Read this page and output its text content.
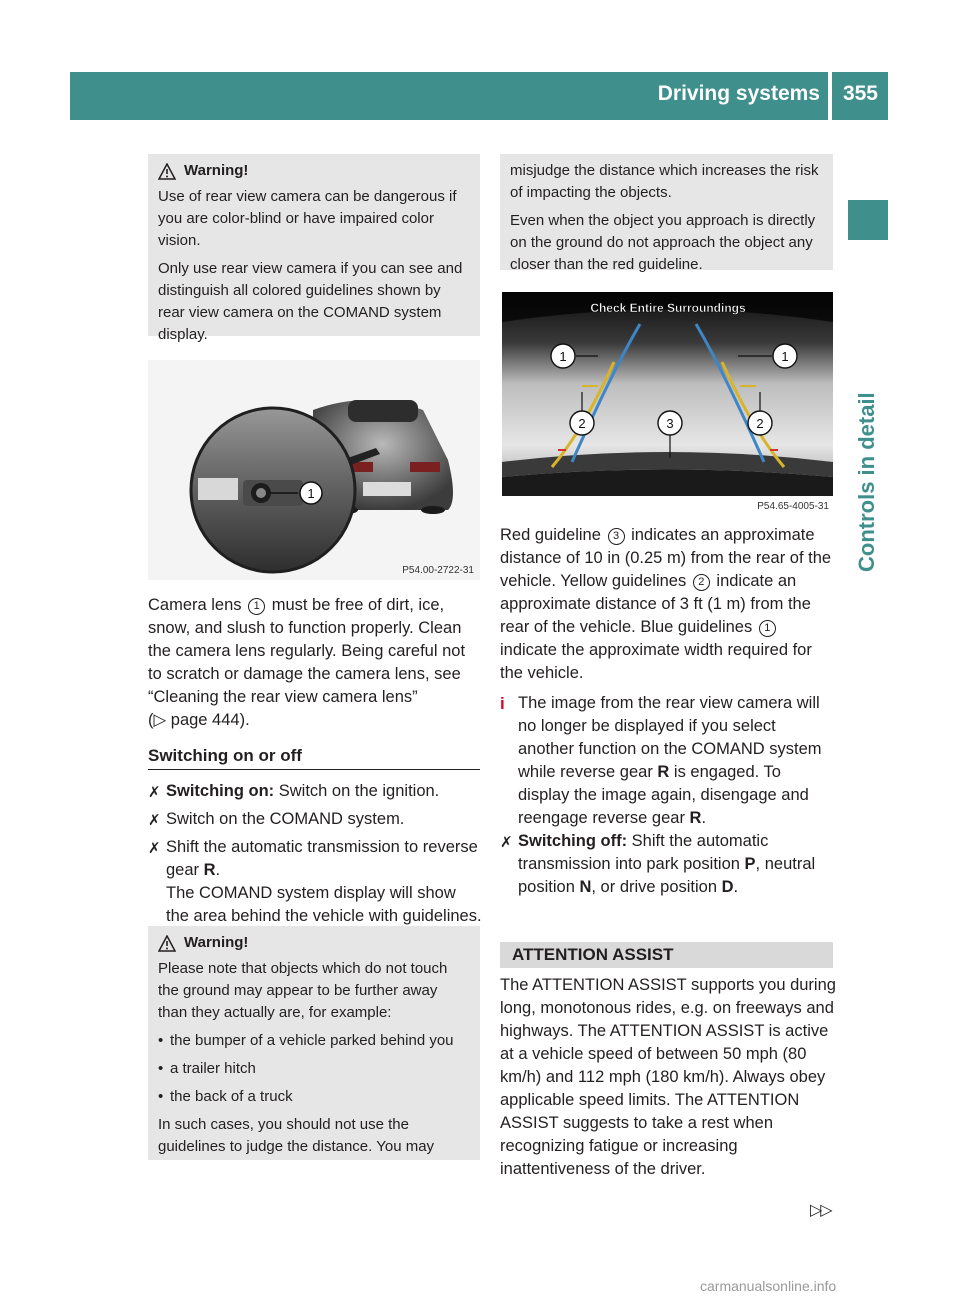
Driving systems 355
Controls in detail
Warning!

Use of rear view camera can be dangerous if you are color-blind or have impaired color vision.

Only use rear view camera if you can see and distinguish all colored guidelines shown by rear view camera on the COMAND system display.

1
P54.00-2722-31
Camera lens 1 must be free of dirt, ice, snow, and slush to function properly. Clean the camera lens regularly. Being careful not to scratch or damage the camera lens, see “Cleaning the rear view camera lens”
(▷ page 444).
Switching on or off
✗ Switching on: Switch on the ignition.
✗ Switch on the COMAND system.
✗ Shift the automatic transmission to reverse gear R.
The COMAND system display will show the area behind the vehicle with guidelines.
Warning!

Please note that objects which do not touch the ground may appear to be further away than they actually are, for example:

• the bumper of a vehicle parked behind you
• a trailer hitch
• the back of a truck

In such cases, you should not use the guidelines to judge the distance. You may

misjudge the distance which increases the risk of impacting the objects.

Even when the object you approach is directly on the ground do not approach the object any closer than the red guideline.

Check Entire Surroundings
1	1
2	3	2
P54.65-4005-31
Red guideline 3 indicates an approximate distance of 10 in (0.25 m) from the rear of the vehicle. Yellow guidelines 2 indicate an approximate distance of 3 ft (1 m) from the rear of the vehicle. Blue guidelines 1 indicate the approximate width required for the vehicle.
i The image from the rear view camera will no longer be displayed if you select another function on the COMAND system while reverse gear R is engaged. To display the image again, disengage and reengage reverse gear R.
✗ Switching off: Shift the automatic transmission into park position P, neutral position N, or drive position D.
ATTENTION ASSIST
The ATTENTION ASSIST supports you during long, monotonous rides, e.g. on freeways and highways. The ATTENTION ASSIST is active at a vehicle speed of between 50 mph (80 km/h) and 112 mph (180 km/h). Always obey applicable speed limits. The ATTENTION ASSIST suggests to take a rest when recognizing fatigue or increasing inattentiveness of the driver.
▷▷
carmanualsonline.info
